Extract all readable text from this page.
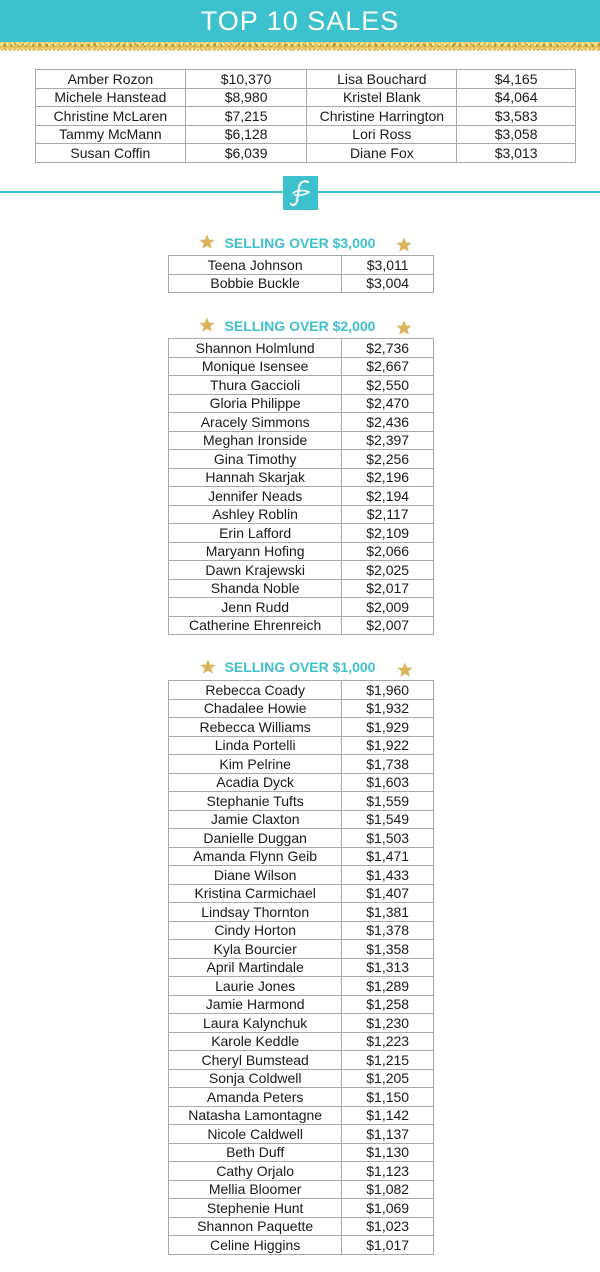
TOP 10 SALES
Amber Rozon	$10,370	Lisa Bouchard	$4,165
Michele Hanstead	$8,980	Kristel Blank	$4,064
Christine McLaren	$7,215	Christine Harrington	$3,583
Tammy McMann	$6,128	Lori Ross	$3,058
Susan Coffin	$6,039	Diane Fox	$3,013
SELLING OVER $3,000
Teena Johnson	$3,011
Bobbie Buckle	$3,004
SELLING OVER $2,000
Shannon Holmlund	$2,736
Monique Isensee	$2,667
Thura Gaccioli	$2,550
Gloria Philippe	$2,470
Aracely Simmons	$2,436
Meghan Ironside	$2,397
Gina Timothy	$2,256
Hannah Skarjak	$2,196
Jennifer Neads	$2,194
Ashley Roblin	$2,117
Erin Lafford	$2,109
Maryann Hofing	$2,066
Dawn Krajewski	$2,025
Shanda Noble	$2,017
Jenn Rudd	$2,009
Catherine Ehrenreich	$2,007
SELLING OVER $1,000
Rebecca Coady	$1,960
Chadalee Howie	$1,932
Rebecca Williams	$1,929
Linda Portelli	$1,922
Kim Pelrine	$1,738
Acadia Dyck	$1,603
Stephanie Tufts	$1,559
Jamie Claxton	$1,549
Danielle Duggan	$1,503
Amanda Flynn Geib	$1,471
Diane Wilson	$1,433
Kristina Carmichael	$1,407
Lindsay Thornton	$1,381
Cindy Horton	$1,378
Kyla Bourcier	$1,358
April Martindale	$1,313
Laurie Jones	$1,289
Jamie Harmond	$1,258
Laura Kalynchuk	$1,230
Karole Keddle	$1,223
Cheryl Bumstead	$1,215
Sonja Coldwell	$1,205
Amanda Peters	$1,150
Natasha Lamontagne	$1,142
Nicole Caldwell	$1,137
Beth Duff	$1,130
Cathy Orjalo	$1,123
Mellia Bloomer	$1,082
Stephenie Hunt	$1,069
Shannon Paquette	$1,023
Celine Higgins	$1,017
